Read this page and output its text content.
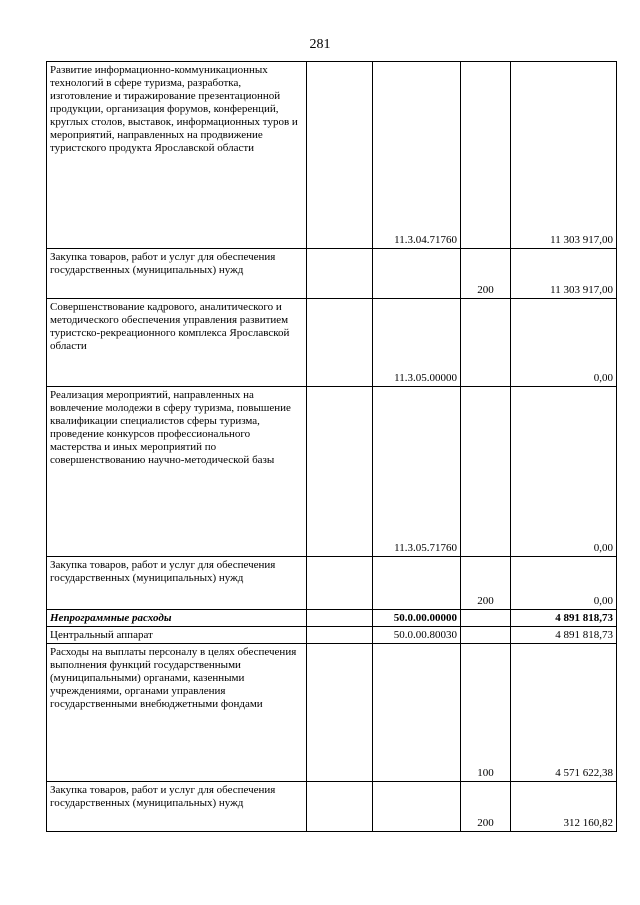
281
Развитие информационно-коммуникационных технологий в сфере туризма, разработка, изготовление и тиражирование презентационной продукции, организация форумов, конференций, круглых столов, выставок, информационных туров и мероприятий, направленных на продвижение туристского продукта Ярославской области		11.3.04.71760		11 303 917,00
Закупка товаров, работ и услуг для обеспечения государственных (муниципальных) нужд			200	11 303 917,00
Совершенствование кадрового, аналитического и методического обеспечения управления развитием туристско-рекреационного комплекса Ярославской области		11.3.05.00000		0,00
Реализация мероприятий, направленных на вовлечение молодежи в сферу туризма, повышение квалификации специалистов сферы туризма, проведение конкурсов профессионального мастерства и иных мероприятий по совершенствованию научно-методической базы		11.3.05.71760		0,00
Закупка товаров, работ и услуг для обеспечения государственных (муниципальных) нужд			200	0,00
Непрограммные расходы		50.0.00.00000		4 891 818,73
Центральный аппарат		50.0.00.80030		4 891 818,73
Расходы на выплаты персоналу в целях обеспечения выполнения функций государственными (муниципальными) органами, казенными учреждениями, органами управления государственными внебюджетными фондами			100	4 571 622,38
Закупка товаров, работ и услуг для обеспечения государственных (муниципальных) нужд			200	312 160,82
